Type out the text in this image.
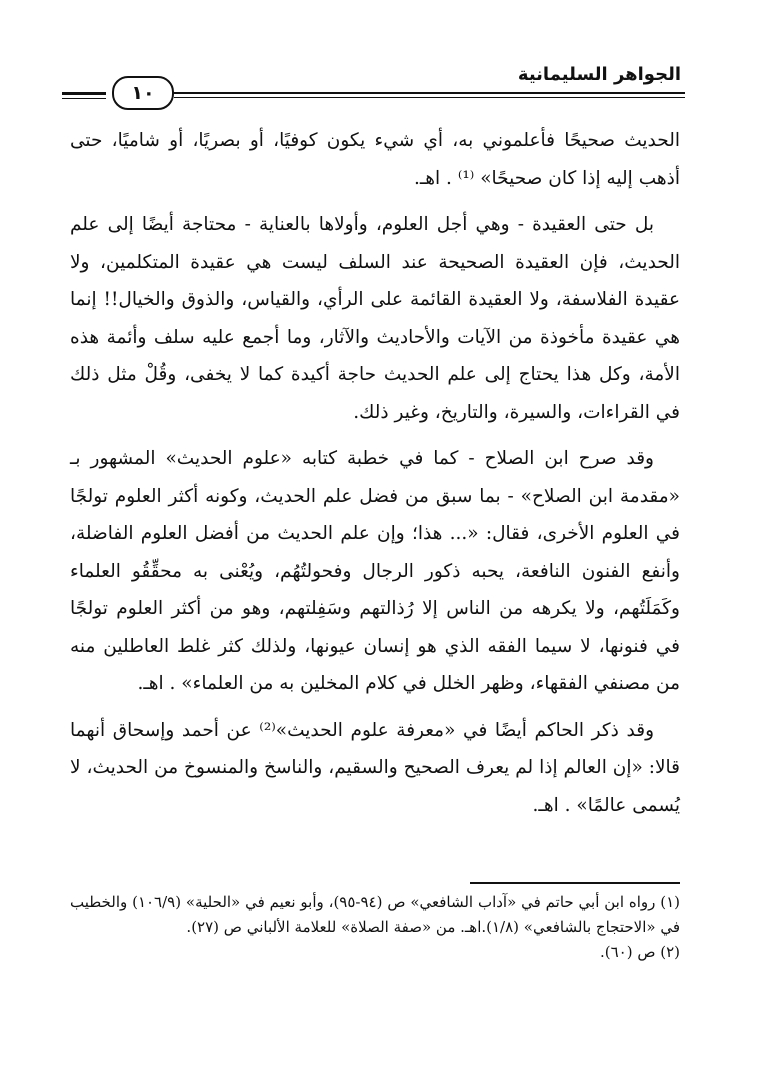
الجواهر السليمانية
١٠

الحديث صحيحًا فأعلموني به، أي شيء يكون كوفيًا، أو بصريًا، أو شاميًا، حتى أذهب إليه إذا كان صحيحًا» ⁽¹⁾ . اهـ.

بل حتى العقيدة - وهي أجل العلوم، وأولاها بالعناية - محتاجة أيضًا إلى علم الحديث، فإن العقيدة الصحيحة عند السلف ليست هي عقيدة المتكلمين، ولا عقيدة الفلاسفة، ولا العقيدة القائمة على الرأي، والقياس، والذوق والخيال!! إنما هي عقيدة مأخوذة من الآيات والأحاديث والآثار، وما أجمع عليه سلف وأئمة هذه الأمة، وكل هذا يحتاج إلى علم الحديث حاجة أكيدة كما لا يخفى، وقُلْ مثل ذلك في القراءات، والسيرة، والتاريخ، وغير ذلك.

وقد صرح ابن الصلاح - كما في خطبة كتابه «علوم الحديث» المشهور بـ «مقدمة ابن الصلاح» - بما سبق من فضل علم الحديث، وكونه أكثر العلوم تولجًا في العلوم الأخرى، فقال: «... هذا؛ وإن علم الحديث من أفضل العلوم الفاضلة، وأنفع الفنون النافعة، يحبه ذكور الرجال وفحولتُهُم، ويُعْنى به محقِّقُو العلماء وكَمَلَتُهم، ولا يكرهه من الناس إلا رُذالتهم وسَفِلتهم، وهو من أكثر العلوم تولجًا في فنونها، لا سيما الفقه الذي هو إنسان عيونها، ولذلك كثر غلط العاطلين منه من مصنفي الفقهاء، وظهر الخلل في كلام المخلين به من العلماء» . اهـ.

وقد ذكر الحاكم أيضًا في «معرفة علوم الحديث»⁽²⁾ عن أحمد وإسحاق أنهما قالا: «إن العالم إذا لم يعرف الصحيح والسقيم، والناسخ والمنسوخ من الحديث، لا يُسمى عالمًا» . اهـ.

(١) رواه ابن أبي حاتم في «آداب الشافعي» ص (٩٤-٩٥)، وأبو نعيم في «الحلية» (١٠٦/٩) والخطيب في «الاحتجاج بالشافعي» (١/٨).اهـ. من «صفة الصلاة» للعلامة الألباني ص (٢٧).

(٢) ص (٦٠).
